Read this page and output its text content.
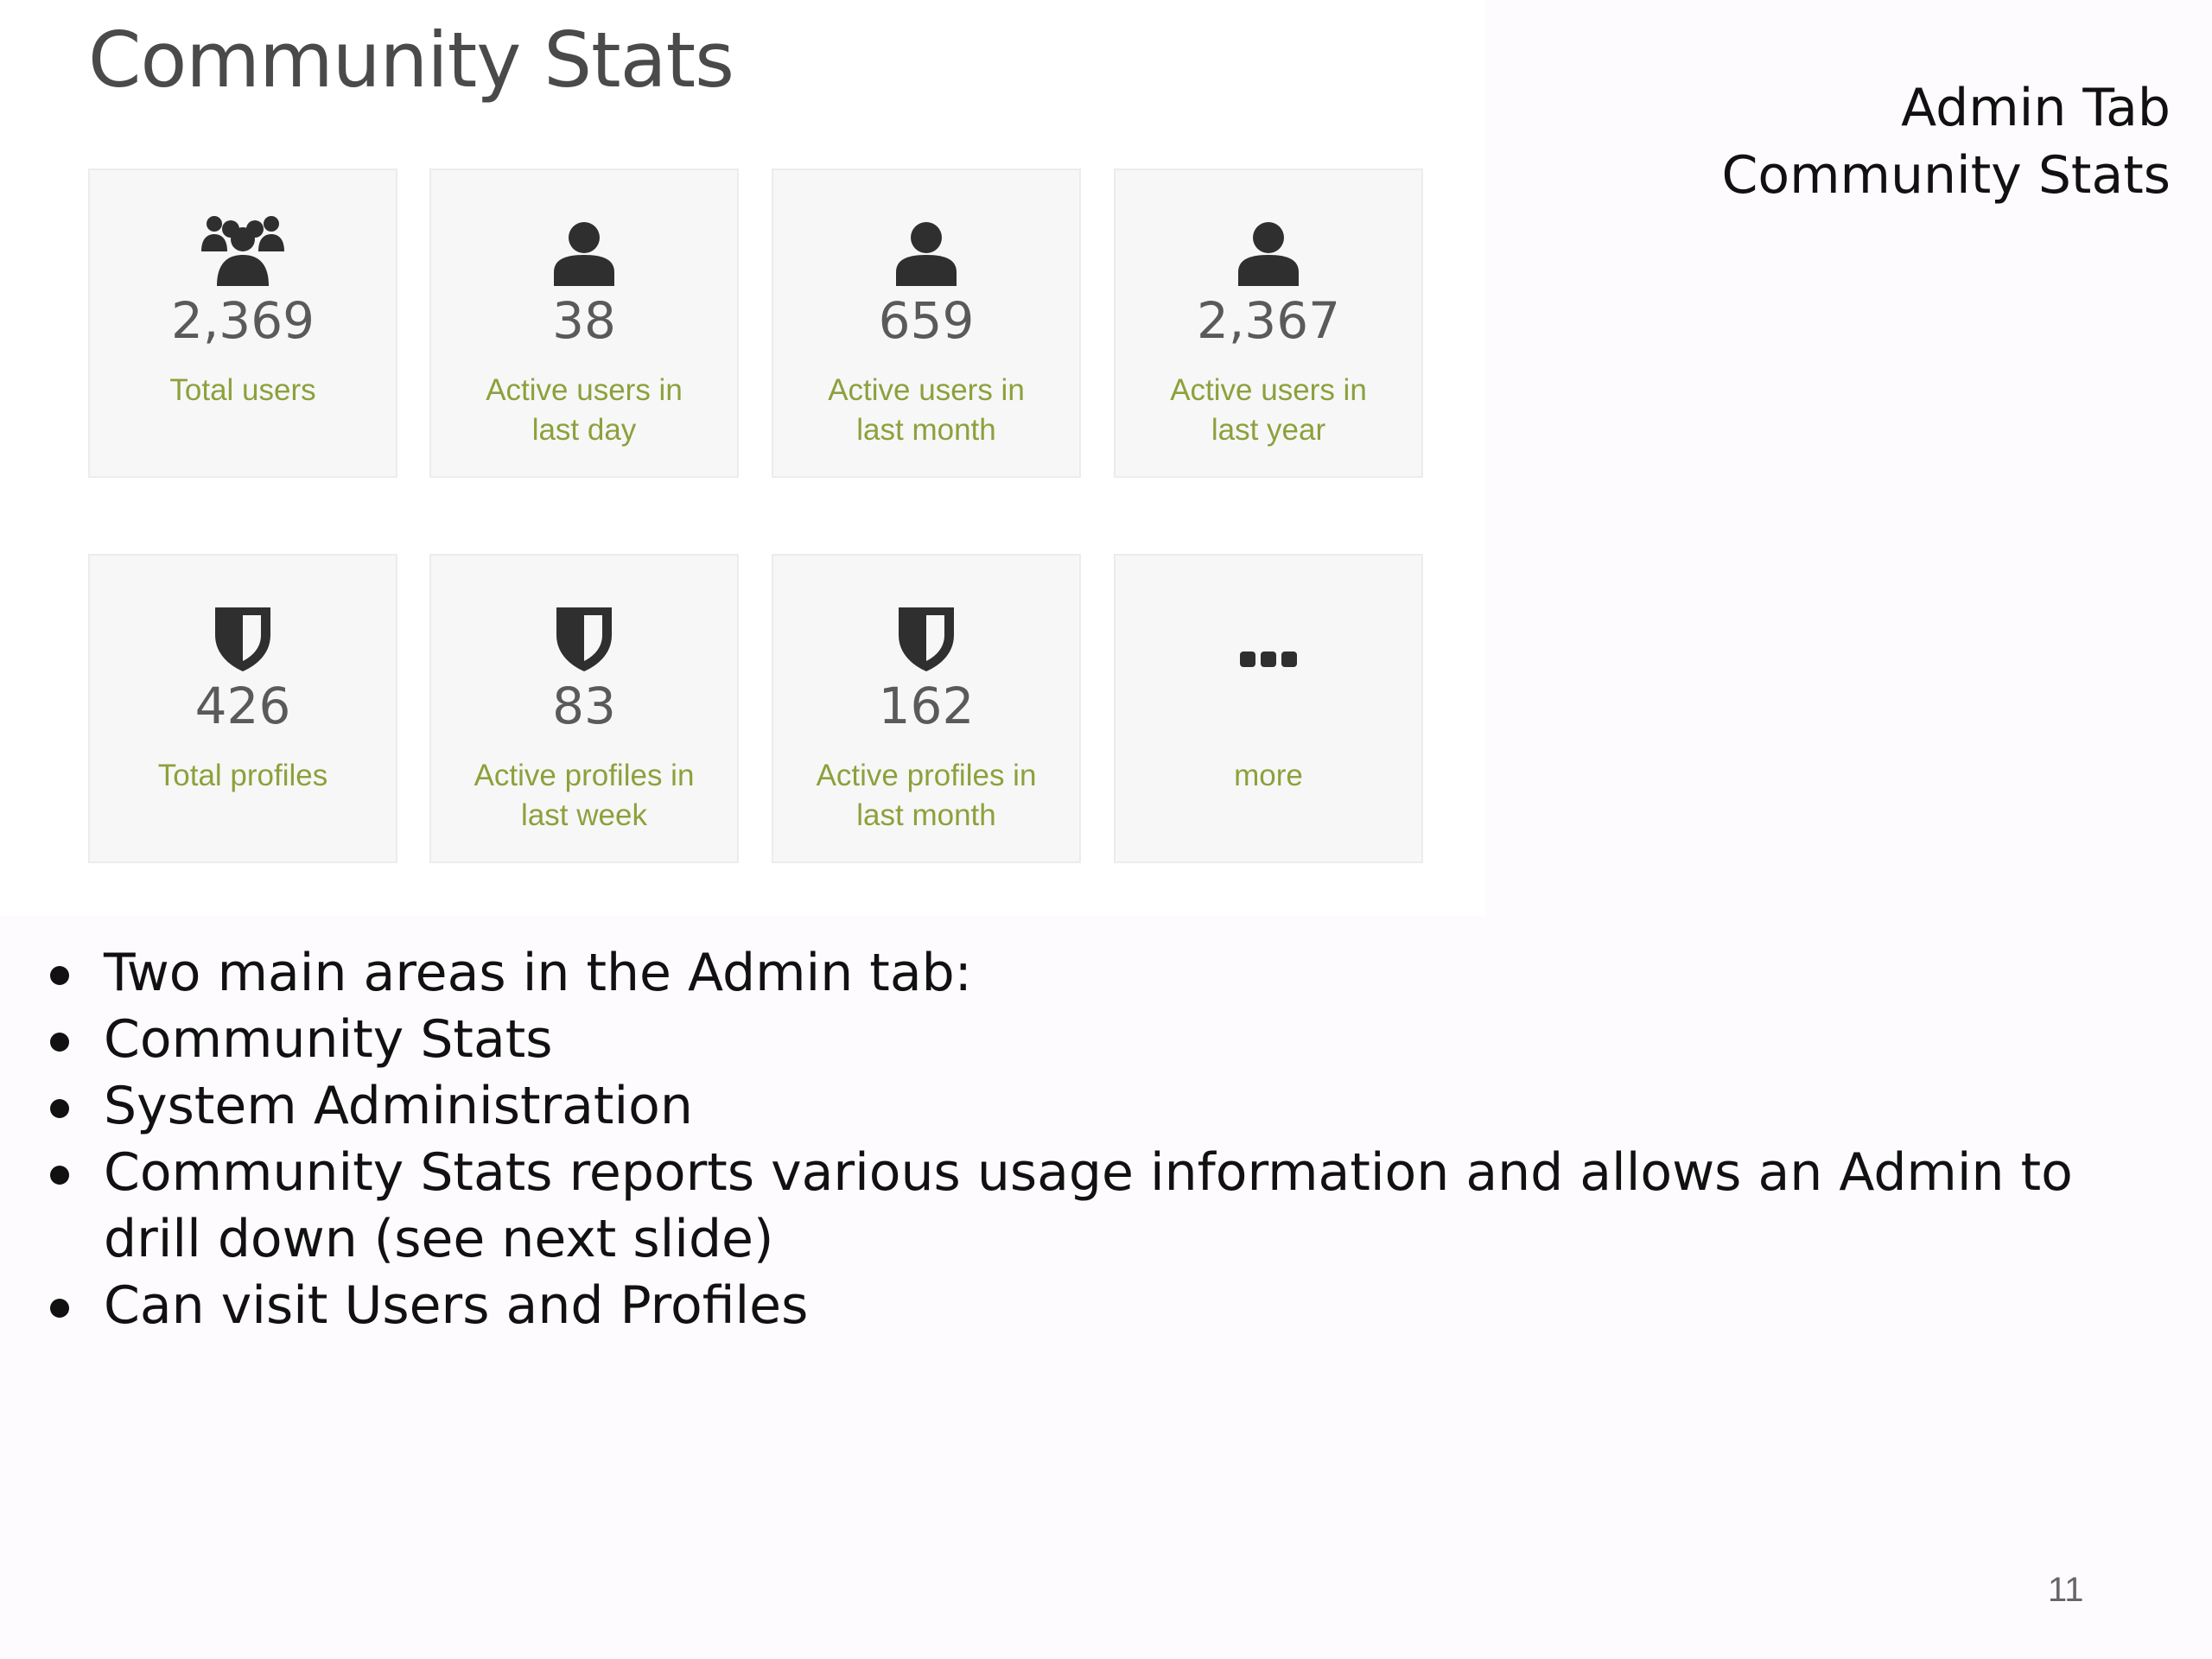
Community Stats
2,369
Total users
38
Active users in last day
659
Active users in last month
2,367
Active users in last year
426
Total profiles
83
Active profiles in last week
162
Active profiles in last month
more
Admin Tab
Community Stats
Two main areas in the Admin tab:
Community Stats
System Administration
Community Stats reports various usage information and allows an Admin to drill down (see next slide)
Can visit Users and Profiles
11
